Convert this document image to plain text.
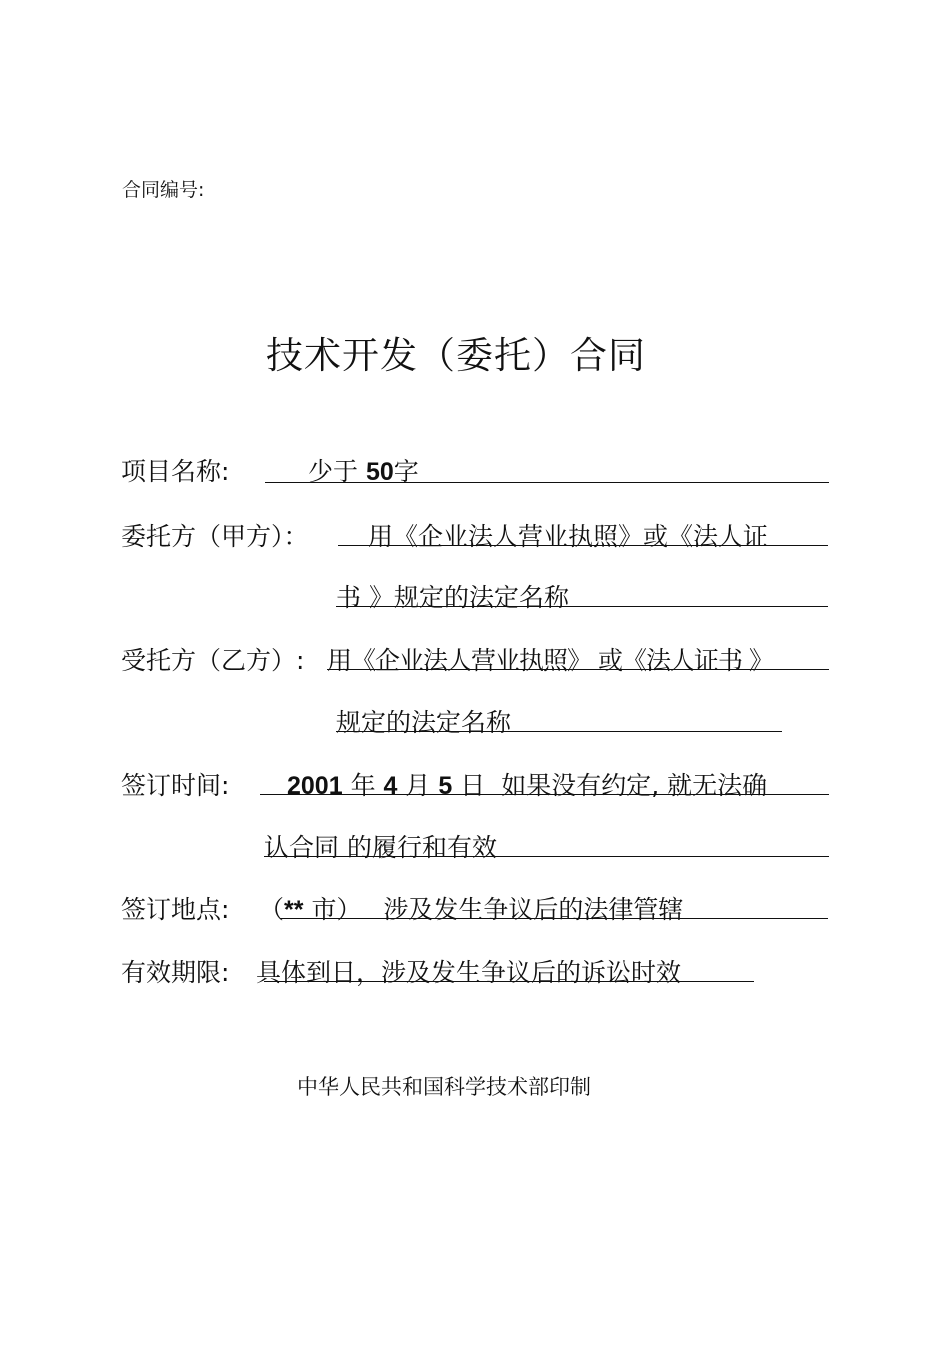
合同编号:
技术开发（委托）合同
项目名称:	少于 50字
委托方（甲方）： 用《企业法人营业执照》或《法人证
书 》规定的法定名称
受托方（乙方）: 用《企业法人营业执照》 或《法人证书 》
规定的法定名称
签订时间: 2001 年 4 月 5 日 如果没有约定, 就无法确
认合同 的履行和有效
签订地点: （** 市） 涉及发生争议后的法律管辖
有效期限: 具体到日，涉及发生争议后的诉讼时效
中华人民共和国科学技术部印制
